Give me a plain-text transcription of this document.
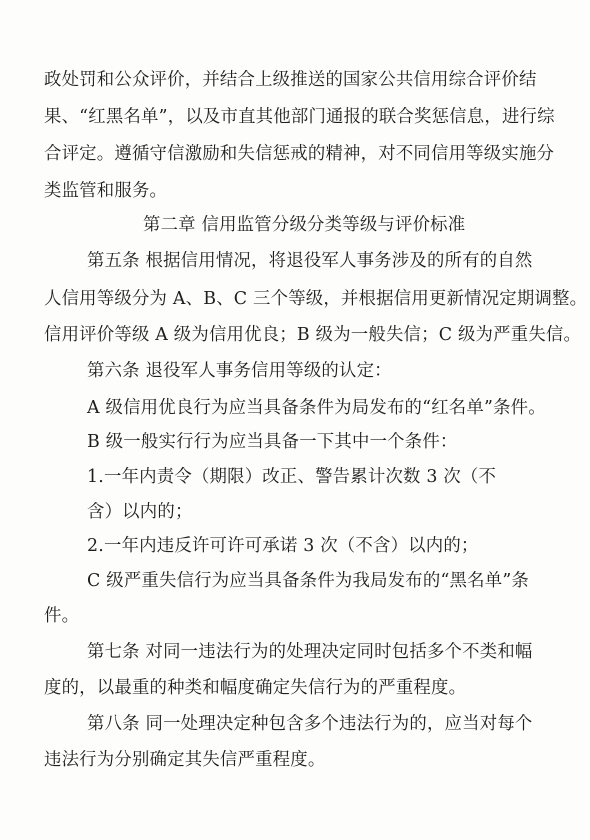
政处罚和公众评价，并结合上级推送的国家公共信用综合评价结
果、“红黑名单”，以及市直其他部门通报的联合奖惩信息，进行综
合评定。遵循守信激励和失信惩戒的精神，对不同信用等级实施分
类监管和服务。
第二章 信用监管分级分类等级与评价标准
第五条 根据信用情况，将退役军人事务涉及的所有的自然
人信用等级分为 A、B、C 三个等级，并根据信用更新情况定期调整。
信用评价等级 A 级为信用优良；B 级为一般失信；C 级为严重失信。
第六条 退役军人事务信用等级的认定：
A 级信用优良行为应当具备条件为局发布的“红名单”条件。
B 级一般实行行为应当具备一下其中一个条件：
1.一年内责令（期限）改正、警告累计次数 3 次（不
含）以内的；
2.一年内违反许可许可承诺 3 次（不含）以内的；
C 级严重失信行为应当具备条件为我局发布的“黑名单”条
件。
第七条 对同一违法行为的处理决定同时包括多个不类和幅
度的，以最重的种类和幅度确定失信行为的严重程度。
第八条 同一处理决定种包含多个违法行为的，应当对每个
违法行为分别确定其失信严重程度。
